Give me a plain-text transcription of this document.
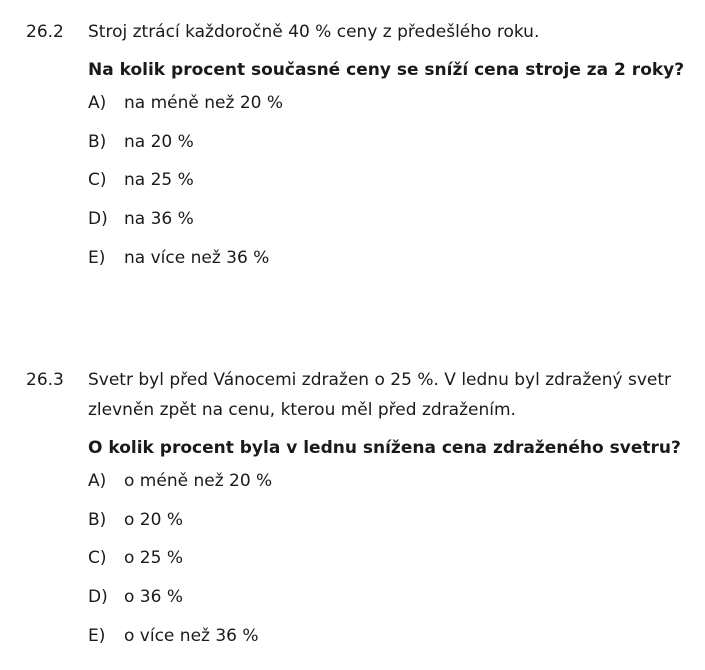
26.2 Stroj ztrácí každoročně 40 % ceny z předešlého roku.
Na kolik procent současné ceny se sníží cena stroje za 2 roky?
A) na méně než 20 %
B) na 20 %
C) na 25 %
D) na 36 %
E) na více než 36 %
26.3 Svetr byl před Vánocemi zdražen o 25 %. V lednu byl zdražený svetr
zlevněn zpět na cenu, kterou měl před zdražením.
O kolik procent byla v lednu snížena cena zdraženého svetru?
A) o méně než 20 %
B) o 20 %
C) o 25 %
D) o 36 %
E) o více než 36 %
